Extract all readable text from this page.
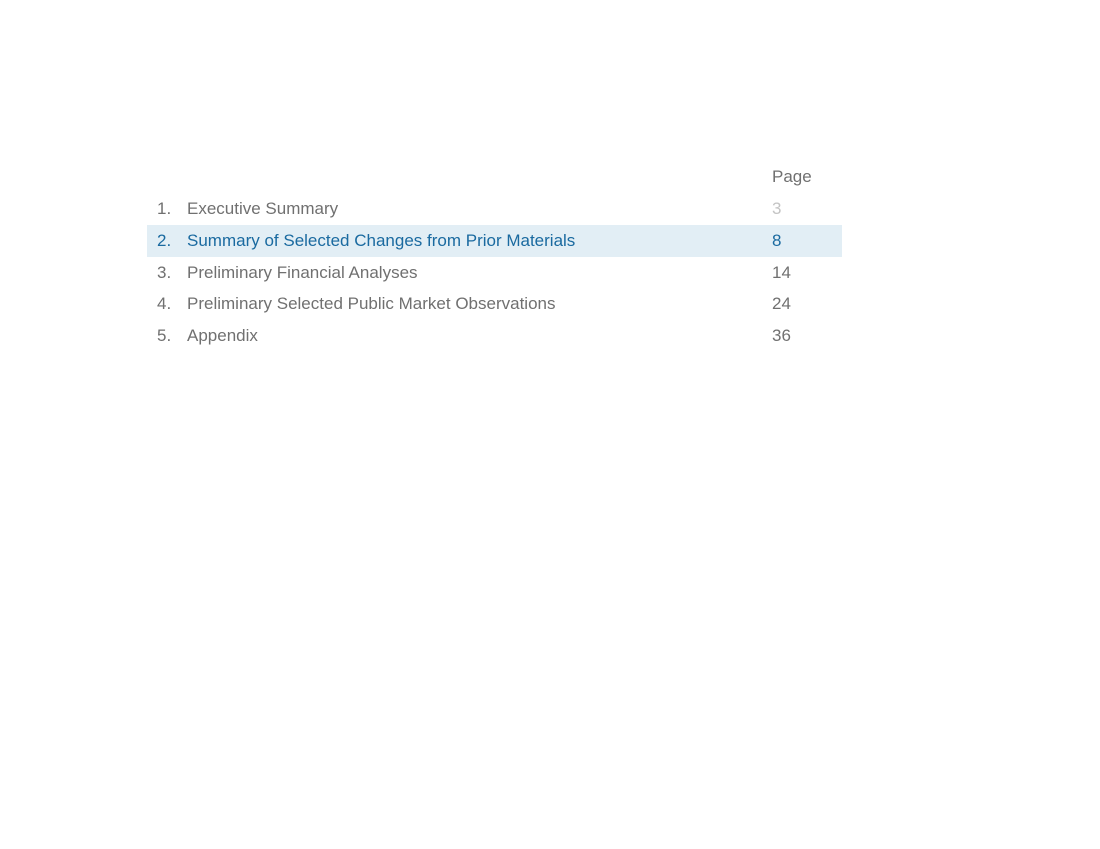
Page
1. Executive Summary	3
2. Summary of Selected Changes from Prior Materials	8
3. Preliminary Financial Analyses	14
4. Preliminary Selected Public Market Observations	24
5. Appendix	36
